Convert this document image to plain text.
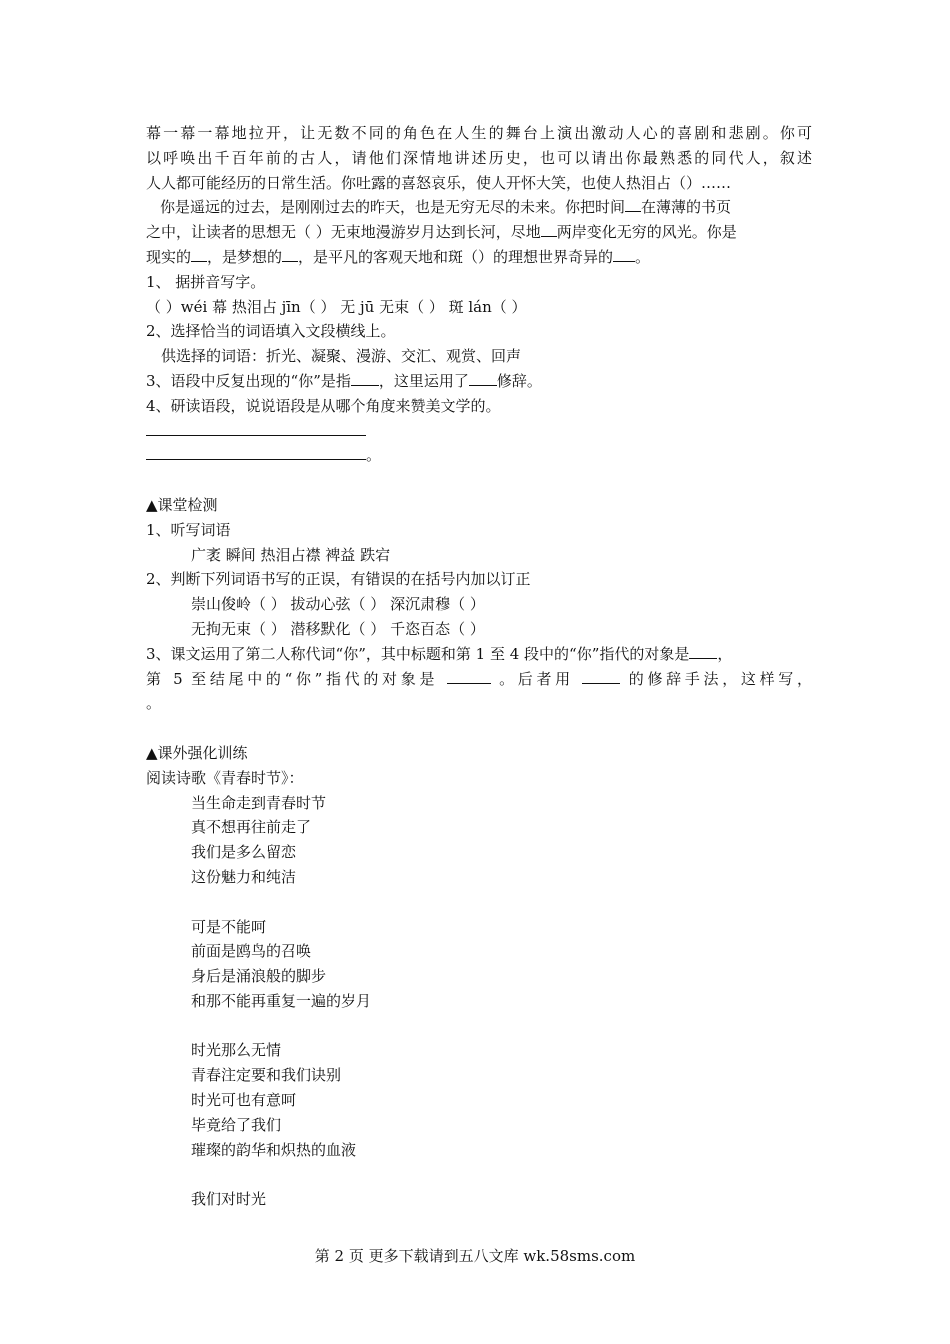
幕一幕一幕地拉开，让无数不同的角色在人生的舞台上演出激动人心的喜剧和悲剧。你可
以呼唤出千百年前的古人，请他们深情地讲述历史，也可以请出你最熟悉的同代人，叙述
人人都可能经历的日常生活。你吐露的喜怒哀乐，使人开怀大笑，也使人热泪占（）……
你是遥远的过去，是刚刚过去的昨天，也是无穷无尽的未来。你把时间 在薄薄的书页
之中，让读者的思想无（ ）无束地漫游岁月达到长河，尽地 两岸变化无穷的风光。你是
现实的 ，是梦想的 ，是平凡的客观天地和斑（）的理想世界奇异的 。
1、 据拼音写字。
（ ）wéi 幕 热泪占 jīn（ ） 无 jū 无束（ ） 斑 lán（ ）
2、选择恰当的词语填入文段横线上。
供选择的词语：折光、凝聚、漫游、交汇、观赏、回声
3、语段中反复出现的“你”是指 ，这里运用了 修辞。
4、研读语段，说说语段是从哪个角度来赞美文学的。
。
▲课堂检测
1、听写词语
广袤 瞬间 热泪占襟 裨益 跌宕
2、判断下列词语书写的正误，有错误的在括号内加以订正
崇山俊岭（ ） 拔动心弦（ ） 深沉肃穆（ ）
无拘无束（ ） 潜移默化（ ） 千恣百态（ ）
3、课文运用了第二人称代词“你”，其中标题和第 1 至 4 段中的“你”指代的对象是 ，
第 5 至结尾中的“你”指代的对象是	。后者用	的修辞手法，这样写，
。
▲课外强化训练
阅读诗歌《青春时节》：
当生命走到青春时节
真不想再往前走了
我们是多么留恋
这份魅力和纯洁
可是不能呵
前面是鸥鸟的召唤
身后是涌浪般的脚步
和那不能再重复一遍的岁月
时光那么无情
青春注定要和我们诀别
时光可也有意呵
毕竟给了我们
璀璨的韵华和炽热的血液
我们对时光
第 2 页 更多下载请到五八文库 wk.58sms.com
